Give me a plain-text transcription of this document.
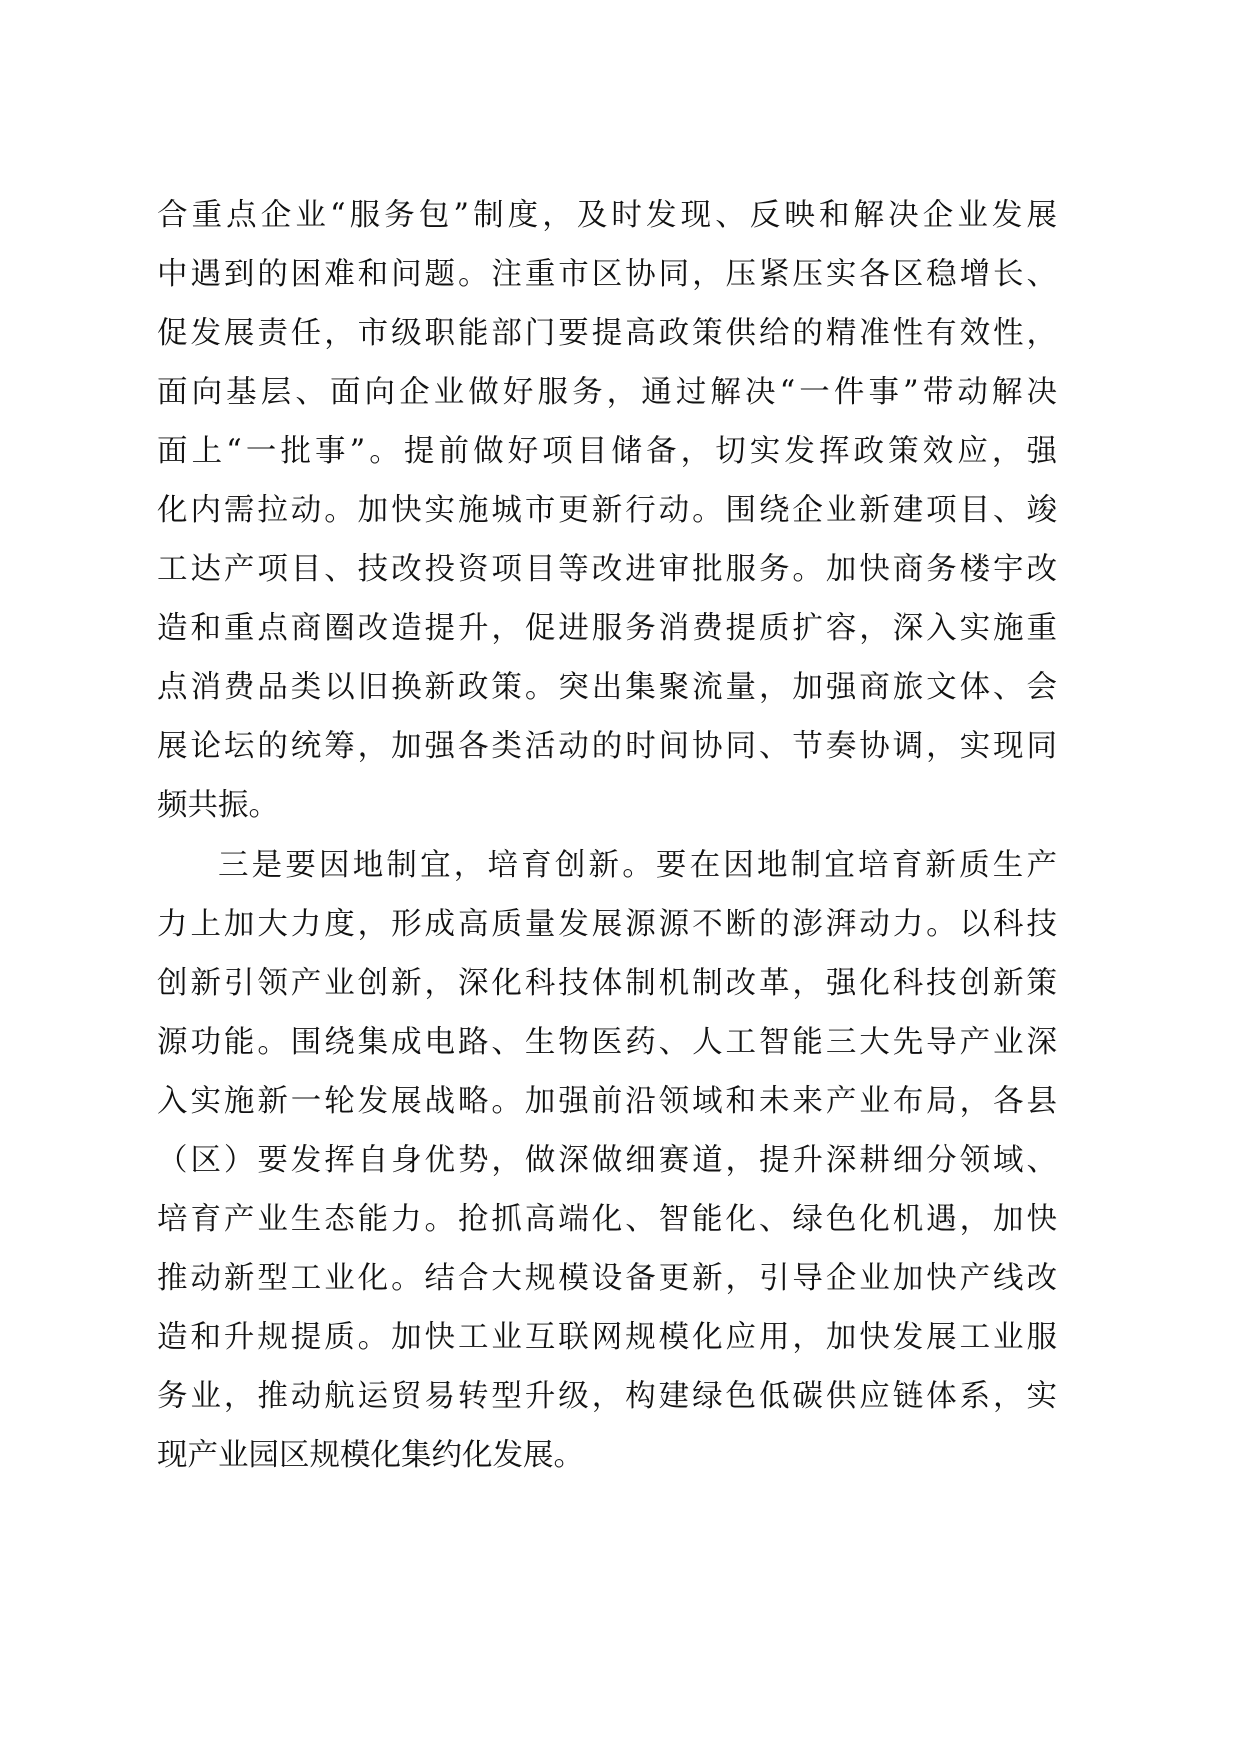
合重点企业“服务包”制度，及时发现、反映和解决企业发展
中遇到的困难和问题。注重市区协同，压紧压实各区稳增长、
促发展责任，市级职能部门要提高政策供给的精准性有效性，
面向基层、面向企业做好服务，通过解决“一件事”带动解决
面上“一批事”。提前做好项目储备，切实发挥政策效应，强
化内需拉动。加快实施城市更新行动。围绕企业新建项目、竣
工达产项目、技改投资项目等改进审批服务。加快商务楼宇改
造和重点商圈改造提升，促进服务消费提质扩容，深入实施重
点消费品类以旧换新政策。突出集聚流量，加强商旅文体、会
展论坛的统筹，加强各类活动的时间协同、节奏协调，实现同
频共振。
三是要因地制宜，培育创新。要在因地制宜培育新质生产
力上加大力度，形成高质量发展源源不断的澎湃动力。以科技
创新引领产业创新，深化科技体制机制改革，强化科技创新策
源功能。围绕集成电路、生物医药、人工智能三大先导产业深
入实施新一轮发展战略。加强前沿领域和未来产业布局，各县
（区）要发挥自身优势，做深做细赛道，提升深耕细分领域、
培育产业生态能力。抢抓高端化、智能化、绿色化机遇，加快
推动新型工业化。结合大规模设备更新，引导企业加快产线改
造和升规提质。加快工业互联网规模化应用，加快发展工业服
务业，推动航运贸易转型升级，构建绿色低碳供应链体系，实
现产业园区规模化集约化发展。
